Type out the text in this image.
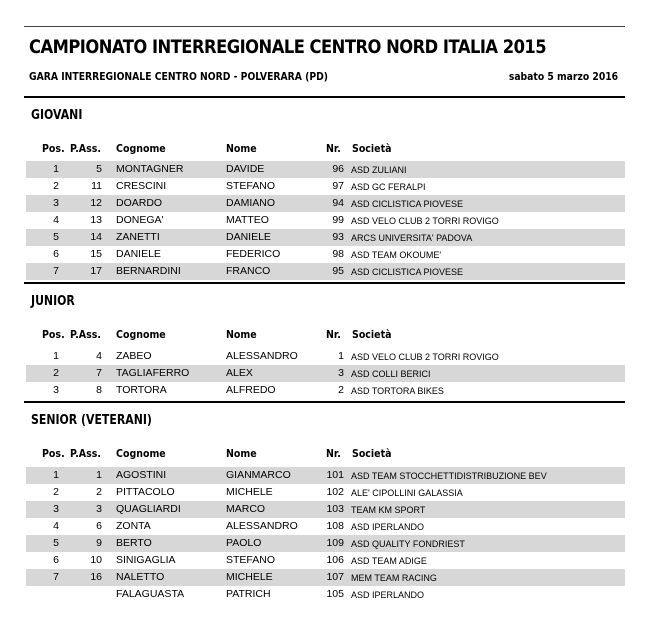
CAMPIONATO INTERREGIONALE CENTRO NORD ITALIA 2015
GARA INTERREGIONALE CENTRO NORD - POLVERARA (PD)	sabato 5 marzo 2016
GIOVANI
Pos. P.Ass. Cognome	Nome	Nr. Società
1	5 MONTAGNER	DAVIDE	96 ASD ZULIANI
2	11 CRESCINI	STEFANO	97 ASD GC FERALPI
3	12 DOARDO	DAMIANO	94 ASD CICLISTICA PIOVESE
4	13 DONEGA'	MATTEO	99 ASD VELO CLUB 2 TORRI ROVIGO
5	14 ZANETTI	DANIELE	93 ARCS UNIVERSITA' PADOVA
6	15 DANIELE	FEDERICO	98 ASD TEAM OKOUME'
7	17 BERNARDINI	FRANCO	95 ASD CICLISTICA PIOVESE
JUNIOR
Pos. P.Ass. Cognome	Nome	Nr. Società
1	4 ZABEO	ALESSANDRO	1 ASD VELO CLUB 2 TORRI ROVIGO
2	7 TAGLIAFERRO	ALEX	3 ASD COLLI BERICI
3	8 TORTORA	ALFREDO	2 ASD TORTORA BIKES
SENIOR (VETERANI)
Pos. P.Ass. Cognome	Nome	Nr. Società
1	1 AGOSTINI	GIANMARCO	101 ASD TEAM STOCCHETTIDISTRIBUZIONE BEV
2	2 PITTACOLO	MICHELE	102 ALE' CIPOLLINI GALASSIA
3	3 QUAGLIARDI	MARCO	103 TEAM KM SPORT
4	6 ZONTA	ALESSANDRO	108 ASD IPERLANDO
5	9 BERTO	PAOLO	109 ASD QUALITY FONDRIEST
6	10 SINIGAGLIA	STEFANO	106 ASD TEAM ADIGE
7	16 NALETTO	MICHELE	107 MEM TEAM RACING
FALAGUASTA	PATRICH	105 ASD IPERLANDO
